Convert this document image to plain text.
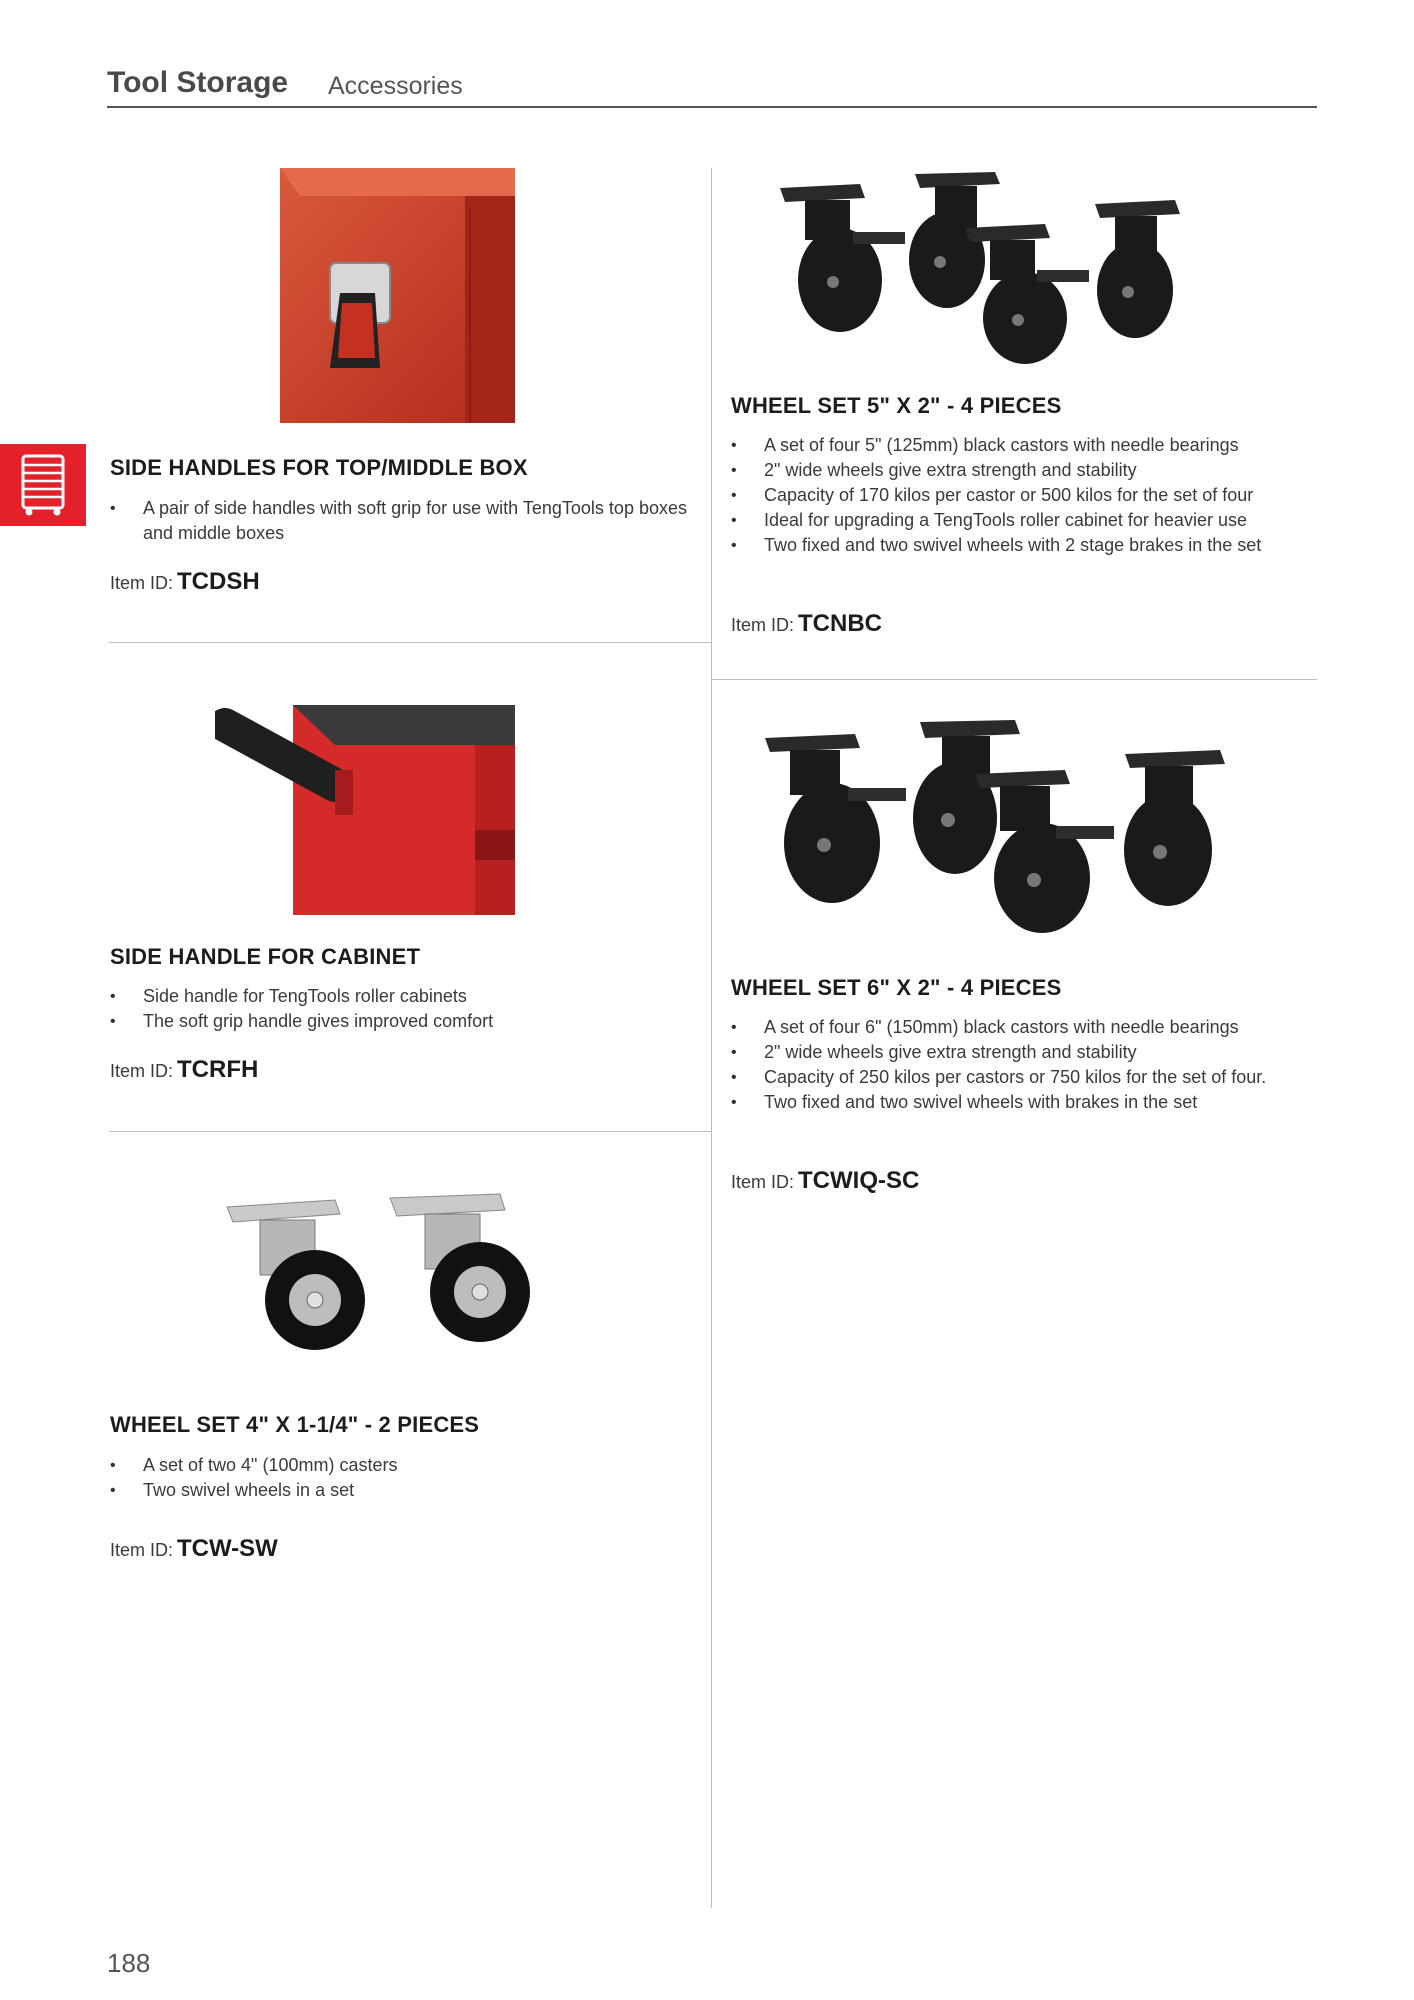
Tool Storage Accessories
SIDE HANDLES FOR TOP/MIDDLE BOX
• A pair of side handles with soft grip for use with TengTools top boxes and middle boxes
Item ID: TCDSH
SIDE HANDLE FOR CABINET
• Side handle for TengTools roller cabinets
• The soft grip handle gives improved comfort
Item ID: TCRFH
WHEEL SET 4" X 1-1/4" - 2 PIECES
• A set of two 4" (100mm) casters
• Two swivel wheels in a set
Item ID: TCW-SW
WHEEL SET 5" X 2" - 4 PIECES
• A set of four 5" (125mm) black castors with needle bearings
• 2" wide wheels give extra strength and stability
• Capacity of 170 kilos per castor or 500 kilos for the set of four
• Ideal for upgrading a TengTools roller cabinet for heavier use
• Two fixed and two swivel wheels with 2 stage brakes in the set
Item ID: TCNBC
WHEEL SET 6" X 2" - 4 PIECES
• A set of four 6" (150mm) black castors with needle bearings
• 2" wide wheels give extra strength and stability
• Capacity of 250 kilos per castors or 750 kilos for the set of four.
• Two fixed and two swivel wheels with brakes in the set
Item ID: TCWIQ-SC
188
